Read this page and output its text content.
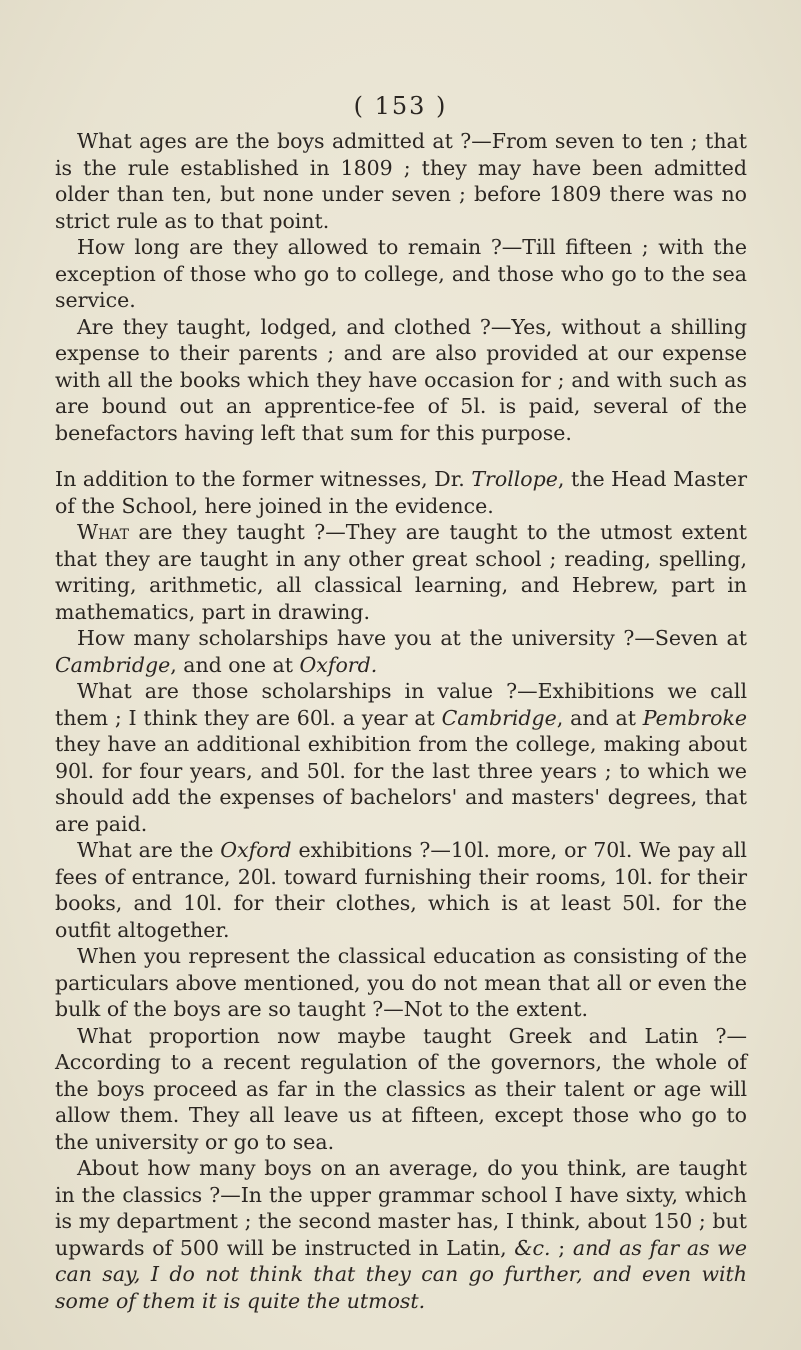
( 153 )

What ages are the boys admitted at ?—From seven to ten ; that is the rule established in 1809 ; they may have been admitted older than ten, but none under seven ; before 1809 there was no strict rule as to that point.

How long are they allowed to remain ?—Till fifteen ; with the exception of those who go to college, and those who go to the sea service.

Are they taught, lodged, and clothed ?—Yes, without a shilling expense to their parents ; and are also provided at our expense with all the books which they have occasion for ; and with such as are bound out an apprentice-fee of 5l. is paid, several of the benefactors having left that sum for this purpose.

In addition to the former witnesses, Dr. Trollope, the Head Master of the School, here joined in the evidence.

What are they taught ?—They are taught to the utmost extent that they are taught in any other great school ; reading, spelling, writing, arithmetic, all classical learning, and Hebrew, part in mathematics, part in drawing.

How many scholarships have you at the university ?—Seven at Cambridge, and one at Oxford.

What are those scholarships in value ?—Exhibitions we call them ; I think they are 60l. a year at Cambridge, and at Pembroke they have an additional exhibition from the college, making about 90l. for four years, and 50l. for the last three years ; to which we should add the expenses of bachelors' and masters' degrees, that are paid.

What are the Oxford exhibitions ?—10l. more, or 70l. We pay all fees of entrance, 20l. toward furnishing their rooms, 10l. for their books, and 10l. for their clothes, which is at least 50l. for the outfit altogether.

When you represent the classical education as consisting of the particulars above mentioned, you do not mean that all or even the bulk of the boys are so taught ?—Not to the extent.

What proportion now maybe taught Greek and Latin ?—According to a recent regulation of the governors, the whole of the boys proceed as far in the classics as their talent or age will allow them. They all leave us at fifteen, except those who go to the university or go to sea.

About how many boys on an average, do you think, are taught in the classics ?—In the upper grammar school I have sixty, which is my department ; the second master has, I think, about 150 ; but upwards of 500 will be instructed in Latin, &c. ; and as far as we can say, I do not think that they can go further, and even with some of them it is quite the utmost.
